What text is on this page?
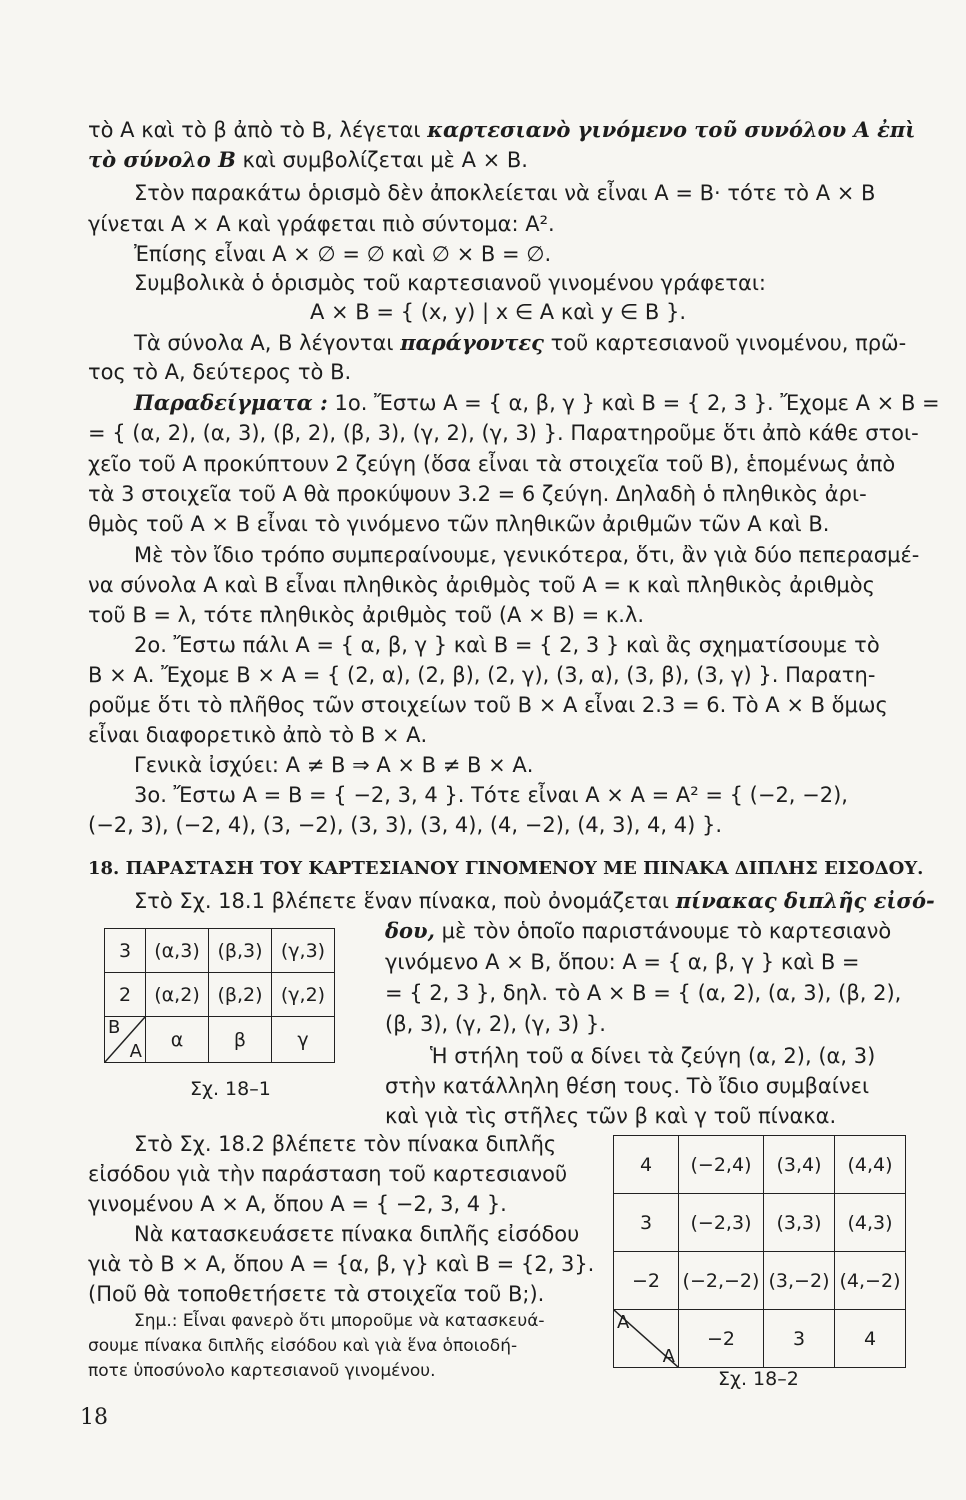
τὸ Α καὶ τὸ β ἀπὸ τὸ Β, λέγεται καρτεσιανὸ γινόμενο τοῦ συνόλου Α ἐπὶ
τὸ σύνολο Β καὶ συμβολίζεται μὲ Α × Β.
Στὸν παρακάτω ὁρισμὸ δὲν ἀποκλείεται νὰ εἶναι Α = Β· τότε τὸ Α × Β
γίνεται Α × Α καὶ γράφεται πιὸ σύντομα: Α².
Ἐπίσης εἶναι Α × ∅ = ∅ καὶ ∅ × Β = ∅.
Συμβολικὰ ὁ ὁρισμὸς τοῦ καρτεσιανοῦ γινομένου γράφεται:
Α × Β = { (x, y) | x ∈ Α καὶ y ∈ Β }.
Τὰ σύνολα Α, Β λέγονται παράγοντες τοῦ καρτεσιανοῦ γινομένου, πρῶ-
τος τὸ Α, δεύτερος τὸ Β.
Παραδείγματα : 1ο. Ἔστω Α = { α, β, γ } καὶ Β = { 2, 3 }. Ἔχομε Α × Β =
= { (α, 2), (α, 3), (β, 2), (β, 3), (γ, 2), (γ, 3) }. Παρατηροῦμε ὅτι ἀπὸ κάθε στοι-
χεῖο τοῦ Α προκύπτουν 2 ζεύγη (ὅσα εἶναι τὰ στοιχεῖα τοῦ Β), ἑπομένως ἀπὸ
τὰ 3 στοιχεῖα τοῦ Α θὰ προκύψουν 3.2 = 6 ζεύγη. Δηλαδὴ ὁ πληθικὸς ἀρι-
θμὸς τοῦ Α × Β εἶναι τὸ γινόμενο τῶν πληθικῶν ἀριθμῶν τῶν Α καὶ Β.
Μὲ τὸν ἴδιο τρόπο συμπεραίνουμε, γενικότερα, ὅτι, ἂν γιὰ δύο πεπερασμέ-
να σύνολα Α καὶ Β εἶναι πληθικὸς ἀριθμὸς τοῦ Α = κ καὶ πληθικὸς ἀριθμὸς
τοῦ Β = λ, τότε πληθικὸς ἀριθμὸς τοῦ (Α × Β) = κ.λ.
2ο. Ἔστω πάλι Α = { α, β, γ } καὶ Β = { 2, 3 } καὶ ἂς σχηματίσουμε τὸ
Β × Α. Ἔχομε Β × Α = { (2, α), (2, β), (2, γ), (3, α), (3, β), (3, γ) }. Παρατη-
ροῦμε ὅτι τὸ πλῆθος τῶν στοιχείων τοῦ Β × Α εἶναι 2.3 = 6. Τὸ Α × Β ὅμως
εἶναι διαφορετικὸ ἀπὸ τὸ Β × Α.
Γενικὰ ἰσχύει: Α ≠ Β ⇒ Α × Β ≠ Β × Α.
3ο. Ἔστω Α = Β = { −2, 3, 4 }. Τότε εἶναι Α × Α = Α² = { (−2, −2),
(−2, 3), (−2, 4), (3, −2), (3, 3), (3, 4), (4, −2), (4, 3), 4, 4) }.
18. ΠΑΡΑΣΤΑΣΗ ΤΟΥ ΚΑΡΤΕΣΙΑΝΟΥ ΓΙΝΟΜΕΝΟΥ ΜΕ ΠΙΝΑΚΑ ΔΙΠΛΗΣ ΕΙΣΟΔΟΥ.
Στὸ Σχ. 18.1 βλέπετε ἕναν πίνακα, ποὺ ὀνομάζεται πίνακας διπλῆς εἰσό-
δου, μὲ τὸν ὁποῖο παριστάνουμε τὸ καρτεσιανὸ
γινόμενο Α × Β, ὅπου: Α = { α, β, γ } καὶ Β =
= { 2, 3 }, δηλ. τὸ Α × Β = { (α, 2), (α, 3), (β, 2),
(β, 3), (γ, 2), (γ, 3) }.
Ἡ στήλη τοῦ α δίνει τὰ ζεύγη (α, 2), (α, 3)
στὴν κατάλληλη θέση τους. Τὸ ἴδιο συμβαίνει
καὶ γιὰ τὶς στῆλες τῶν β καὶ γ τοῦ πίνακα.
Στὸ Σχ. 18.2 βλέπετε τὸν πίνακα διπλῆς
εἰσόδου γιὰ τὴν παράσταση τοῦ καρτεσιανοῦ
γινομένου Α × Α, ὅπου Α = { −2, 3, 4 }.
Νὰ κατασκευάσετε πίνακα διπλῆς εἰσόδου
γιὰ τὸ Β × Α, ὅπου Α = {α, β, γ} καὶ Β = {2, 3}.
(Ποῦ θὰ τοποθετήσετε τὰ στοιχεῖα τοῦ Β;).
Σημ.: Εἶναι φανερὸ ὅτι μποροῦμε νὰ κατασκευά-
σουμε πίνακα διπλῆς εἰσόδου καὶ γιὰ ἕνα ὁποιοδή-
ποτε ὑποσύνολο καρτεσιανοῦ γινομένου.
3	(α,3)	(β,3)	(γ,3)
2	(α,2)	(β,2)	(γ,2)

Β
Α	α	β	γ
Σχ. 18–1
4	(−2,4)	(3,4)	(4,4)
3	(−2,3)	(3,3)	(4,3)
−2	(−2,−2)	(3,−2)	(4,−2)

Α
Α	−2	3	4
Σχ. 18–2
18
